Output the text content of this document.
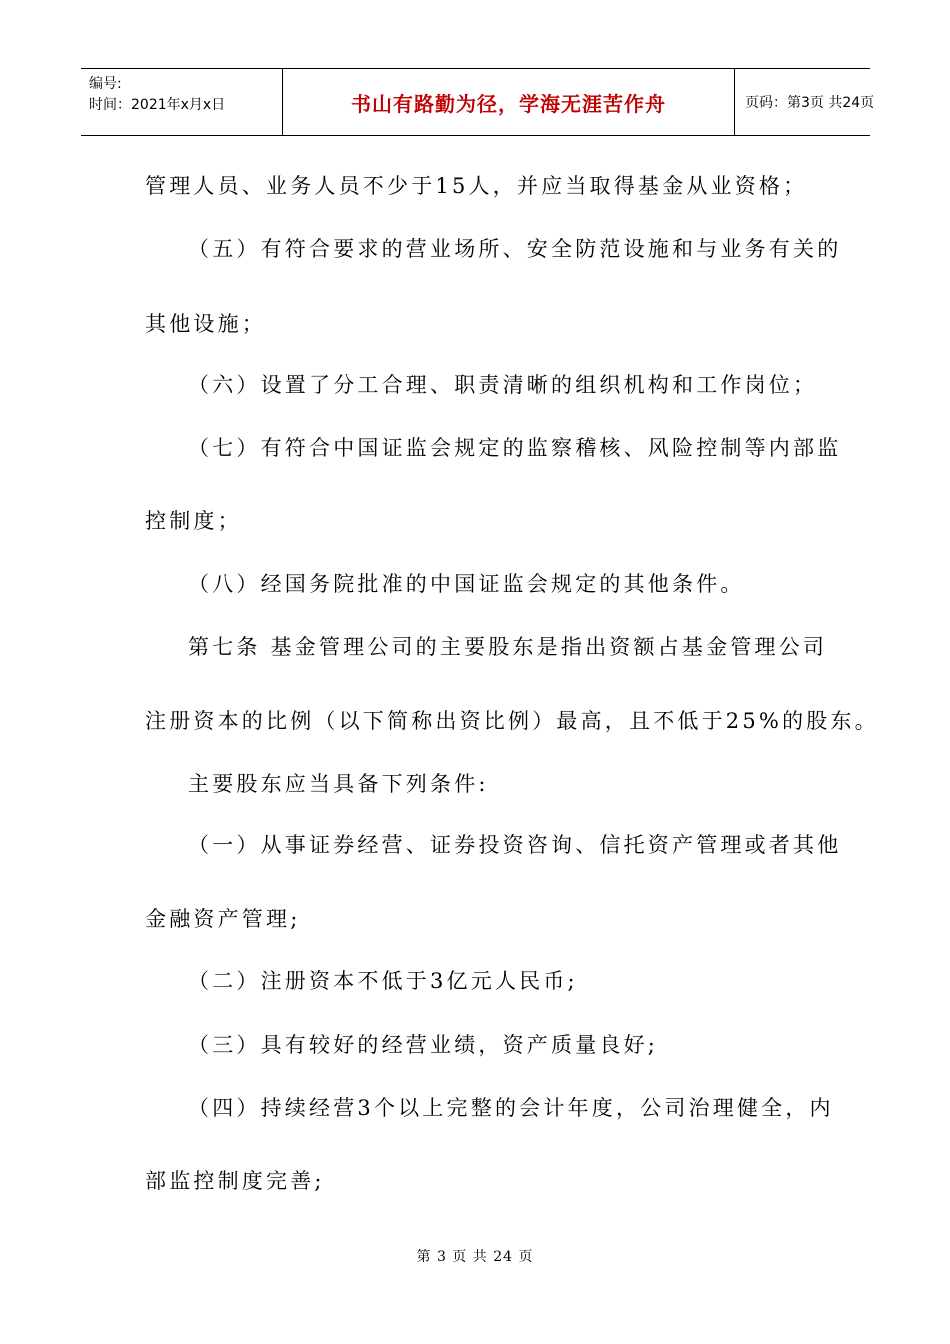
编号:
时间：2021年x月x日	书山有路勤为径，学海无涯苦作舟	页码：第3页 共24页
管理人员、业务人员不少于15人，并应当取得基金从业资格；
（五）有符合要求的营业场所、安全防范设施和与业务有关的
其他设施；
（六）设置了分工合理、职责清晰的组织机构和工作岗位；
（七）有符合中国证监会规定的监察稽核、风险控制等内部监
控制度；
（八）经国务院批准的中国证监会规定的其他条件。
第七条 基金管理公司的主要股东是指出资额占基金管理公司
注册资本的比例（以下简称出资比例）最高，且不低于25%的股东。
主要股东应当具备下列条件:
（一）从事证券经营、证券投资咨询、信托资产管理或者其他
金融资产管理;
（二）注册资本不低于3亿元人民币;
（三）具有较好的经营业绩，资产质量良好;
（四）持续经营3个以上完整的会计年度，公司治理健全，内
部监控制度完善;
第 3 页 共 24 页
